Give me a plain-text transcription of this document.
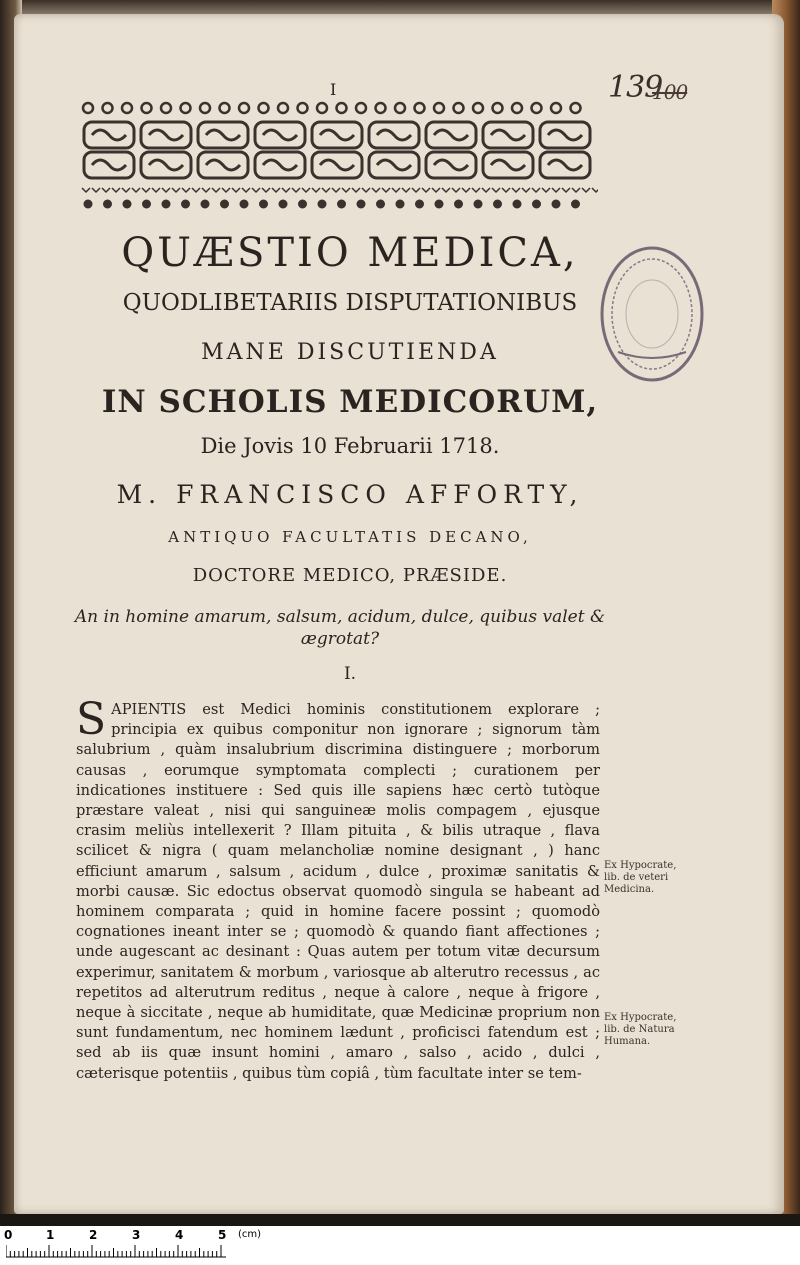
I	139
100
QUÆSTIO MEDICA,
QUODLIBETARIIS DISPUTATIONIBUS
MANE DISCUTIENDA
IN SCHOLIS MEDICORUM,
Die Jovis 10 Februarii 1718.
M. FRANCISCO AFFORTY,
ANTIQUO FACULTATIS DECANO,
DOCTORE MEDICO, PRÆSIDE.
An in homine amarum, salsum, acidum, dulce, quibus valet & ægrotat?
I.
S APIENTIS est Medici hominis constitutionem explorare ; principia ex quibus componitur non ignorare ; signorum tàm salubrium , quàm insalubrium discrimina distinguere ; morborum causas , eorumque symptomata complecti ; curationem per indicationes instituere : Sed quis ille sapiens hæc certò tutòque præstare valeat , nisi qui sanguineæ molis compagem , ejusque crasim meliùs intellexerit ? Illam pituita , & bilis utraque , flava scilicet & nigra ( quam melancholiæ nomine designant , ) hanc efficiunt amarum , salsum , acidum , dulce , proximæ sanitatis & morbi causæ. Sic edoctus observat quomodò singula se habeant ad hominem comparata ; quid in homine facere possint ; quomodò cognationes ineant inter se ; quomodò & quando fiant affectiones ; unde augescant ac desinant : Quas autem per totum vitæ decursum experimur, sanitatem & morbum , variosque ab alterutro recessus , ac repetitos ad alterutrum reditus , neque à calore , neque à frigore , neque à siccitate , neque ab humiditate, quæ Medicinæ proprium non sunt fundamentum, nec hominem lædunt , proficisci fatendum est ; sed ab iis quæ insunt homini , amaro , salso , acido , dulci , cæterisque potentiis , quibus tùm copiâ , tùm facultate inter se tem-
Ex Hypocrate, lib. de veteri Medicina.
Ex Hypocrate, lib. de Natura Humana.
0	1	2	3	4	5 (cm)
